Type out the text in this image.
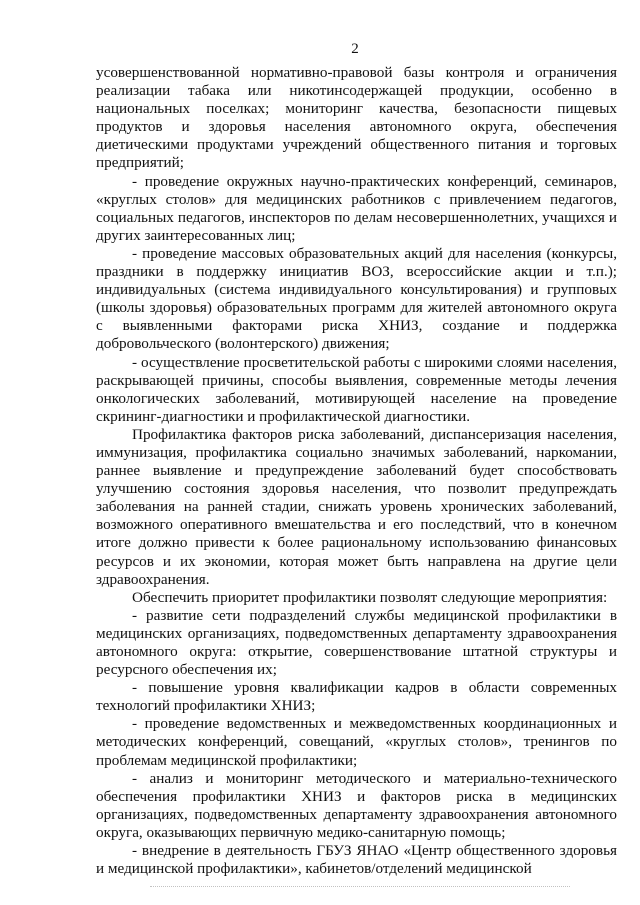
2

усовершенствованной нормативно-правовой базы контроля и ограничения реализации табака или никотинсодержащей продукции, особенно в национальных поселках; мониторинг качества, безопасности пищевых продуктов и здоровья населения автономного округа, обеспечения диетическими продуктами учреждений общественного питания и торговых предприятий;

- проведение окружных научно-практических конференций, семинаров, «круглых столов» для медицинских работников с привлечением педагогов, социальных педагогов, инспекторов по делам несовершеннолетних, учащихся и других заинтересованных лиц;

- проведение массовых образовательных акций для населения (конкурсы, праздники в поддержку инициатив ВОЗ, всероссийские акции и т.п.); индивидуальных (система индивидуального консультирования) и групповых (школы здоровья) образовательных программ для жителей автономного округа с выявленными факторами риска ХНИЗ, создание и поддержка добровольческого (волонтерского) движения;

- осуществление просветительской работы с широкими слоями населения, раскрывающей причины, способы выявления, современные методы лечения онкологических заболеваний, мотивирующей население на проведение скрининг-диагностики и профилактической диагностики.

Профилактика факторов риска заболеваний, диспансеризация населения, иммунизация, профилактика социально значимых заболеваний, наркомании, раннее выявление и предупреждение заболеваний будет способствовать улучшению состояния здоровья населения, что позволит предупреждать заболевания на ранней стадии, снижать уровень хронических заболеваний, возможного оперативного вмешательства и его последствий, что в конечном итоге должно привести к более рациональному использованию финансовых ресурсов и их экономии, которая может быть направлена на другие цели здравоохранения.

Обеспечить приоритет профилактики позволят следующие мероприятия:

- развитие сети подразделений службы медицинской профилактики в медицинских организациях, подведомственных департаменту здравоохранения автономного округа: открытие, совершенствование штатной структуры и ресурсного обеспечения их;

- повышение уровня квалификации кадров в области современных технологий профилактики ХНИЗ;

- проведение ведомственных и межведомственных координационных и методических конференций, совещаний, «круглых столов», тренингов по проблемам медицинской профилактики;

- анализ и мониторинг методического и материально-технического обеспечения профилактики ХНИЗ и факторов риска в медицинских организациях, подведомственных департаменту здравоохранения автономного округа, оказывающих первичную медико-санитарную помощь;

- внедрение в деятельность ГБУЗ ЯНАО «Центр общественного здоровья и медицинской профилактики», кабинетов/отделений медицинской
